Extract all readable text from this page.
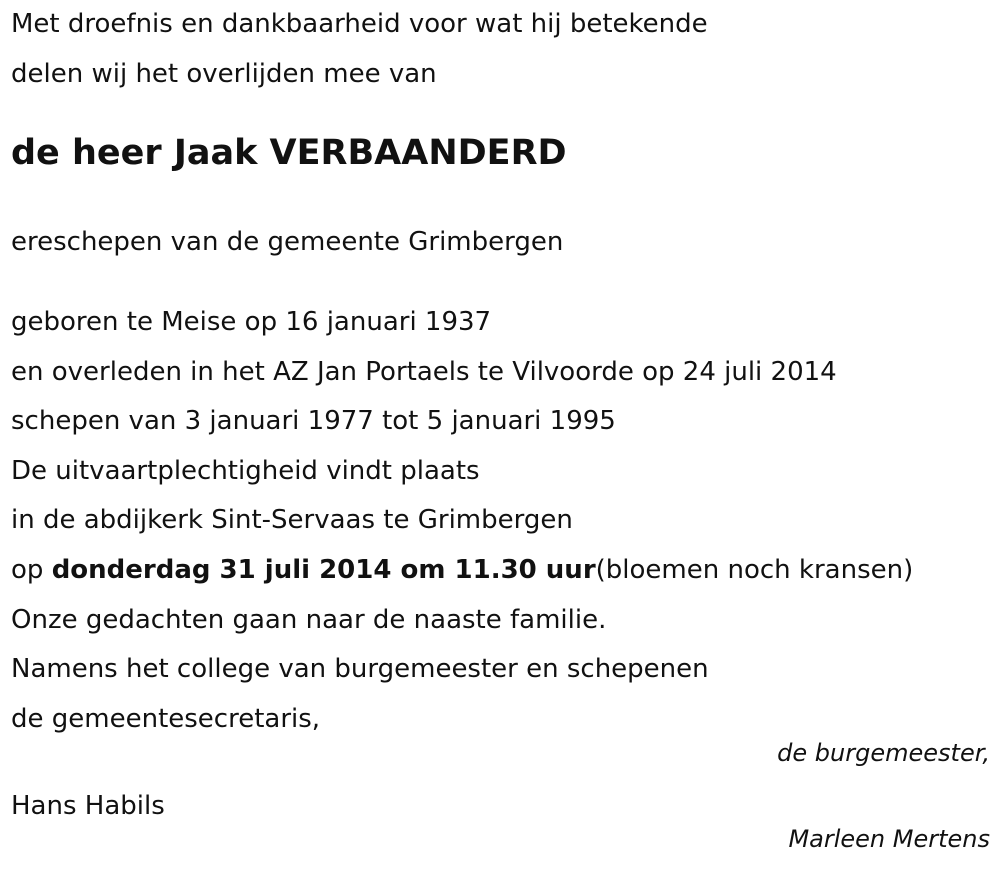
Met droefnis en dankbaarheid voor wat hij betekende
delen wij het overlijden mee van
de heer Jaak VERBAANDERD
ereschepen van de gemeente Grimbergen
geboren te Meise op 16 januari 1937
en overleden in het AZ Jan Portaels te Vilvoorde op 24 juli 2014
schepen van 3 januari 1977 tot 5 januari 1995
De uitvaartplechtigheid vindt plaats
in de abdijkerk Sint-Servaas te Grimbergen
op donderdag 31 juli 2014 om 11.30 uur(bloemen noch kransen)
Onze gedachten gaan naar de naaste familie.
Namens het college van burgemeester en schepenen
de gemeentesecretaris,
de burgemeester,
Hans Habils
Marleen Mertens
